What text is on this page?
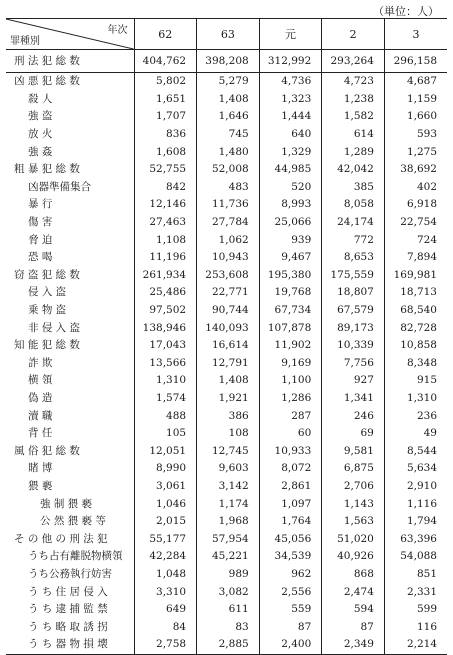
（単位：人）
年次
罪種別	62	63	元	2	3
刑 法 犯 総 数	404,762	398,208	312,992	293,264	296,158
凶 悪 犯 総 数	5,802	5,279	4,736	4,723	4,687
殺 人	1,651	1,408	1,323	1,238	1,159
強 盗	1,707	1,646	1,444	1,582	1,660
放 火	836	745	640	614	593
強 姦	1,608	1,480	1,329	1,289	1,275
粗 暴 犯 総 数	52,755	52,008	44,985	42,042	38,692
凶器準備集合	842	483	520	385	402
暴 行	12,146	11,736	8,993	8,058	6,918
傷 害	27,463	27,784	25,066	24,174	22,754
脅 迫	1,108	1,062	939	772	724
恐 喝	11,196	10,943	9,467	8,653	7,894
窃 盗 犯 総 数	261,934	253,608	195,380	175,559	169,981
侵 入 盗	25,486	22,771	19,768	18,807	18,713
乗 物 盗	97,502	90,744	67,734	67,579	68,540
非 侵 入 盗	138,946	140,093	107,878	89,173	82,728
知 能 犯 総 数	17,043	16,614	11,902	10,339	10,858
詐 欺	13,566	12,791	9,169	7,756	8,348
横 領	1,310	1,408	1,100	927	915
偽 造	1,574	1,921	1,286	1,341	1,310
瀆 職	488	386	287	246	236
背 任	105	108	60	69	49
風 俗 犯 総 数	12,051	12,745	10,933	9,581	8,544
賭 博	8,990	9,603	8,072	6,875	5,634
猥 褻	3,061	3,142	2,861	2,706	2,910
強 制 猥 褻	1,046	1,174	1,097	1,143	1,116
公 然 猥 褻 等	2,015	1,968	1,764	1,563	1,794
そ の 他 の 刑 法 犯	55,177	57,954	45,056	51,020	63,396
うち占有離脱物横領	42,284	45,221	34,539	40,926	54,088
うち公務執行妨害	1,048	989	962	868	851
う ち 住 居 侵 入	3,310	3,082	2,556	2,474	2,331
う ち 逮 捕 監 禁	649	611	559	594	599
う ち 略 取 誘 拐	84	83	87	87	116
う ち 器 物 損 壊	2,758	2,885	2,400	2,349	2,214
